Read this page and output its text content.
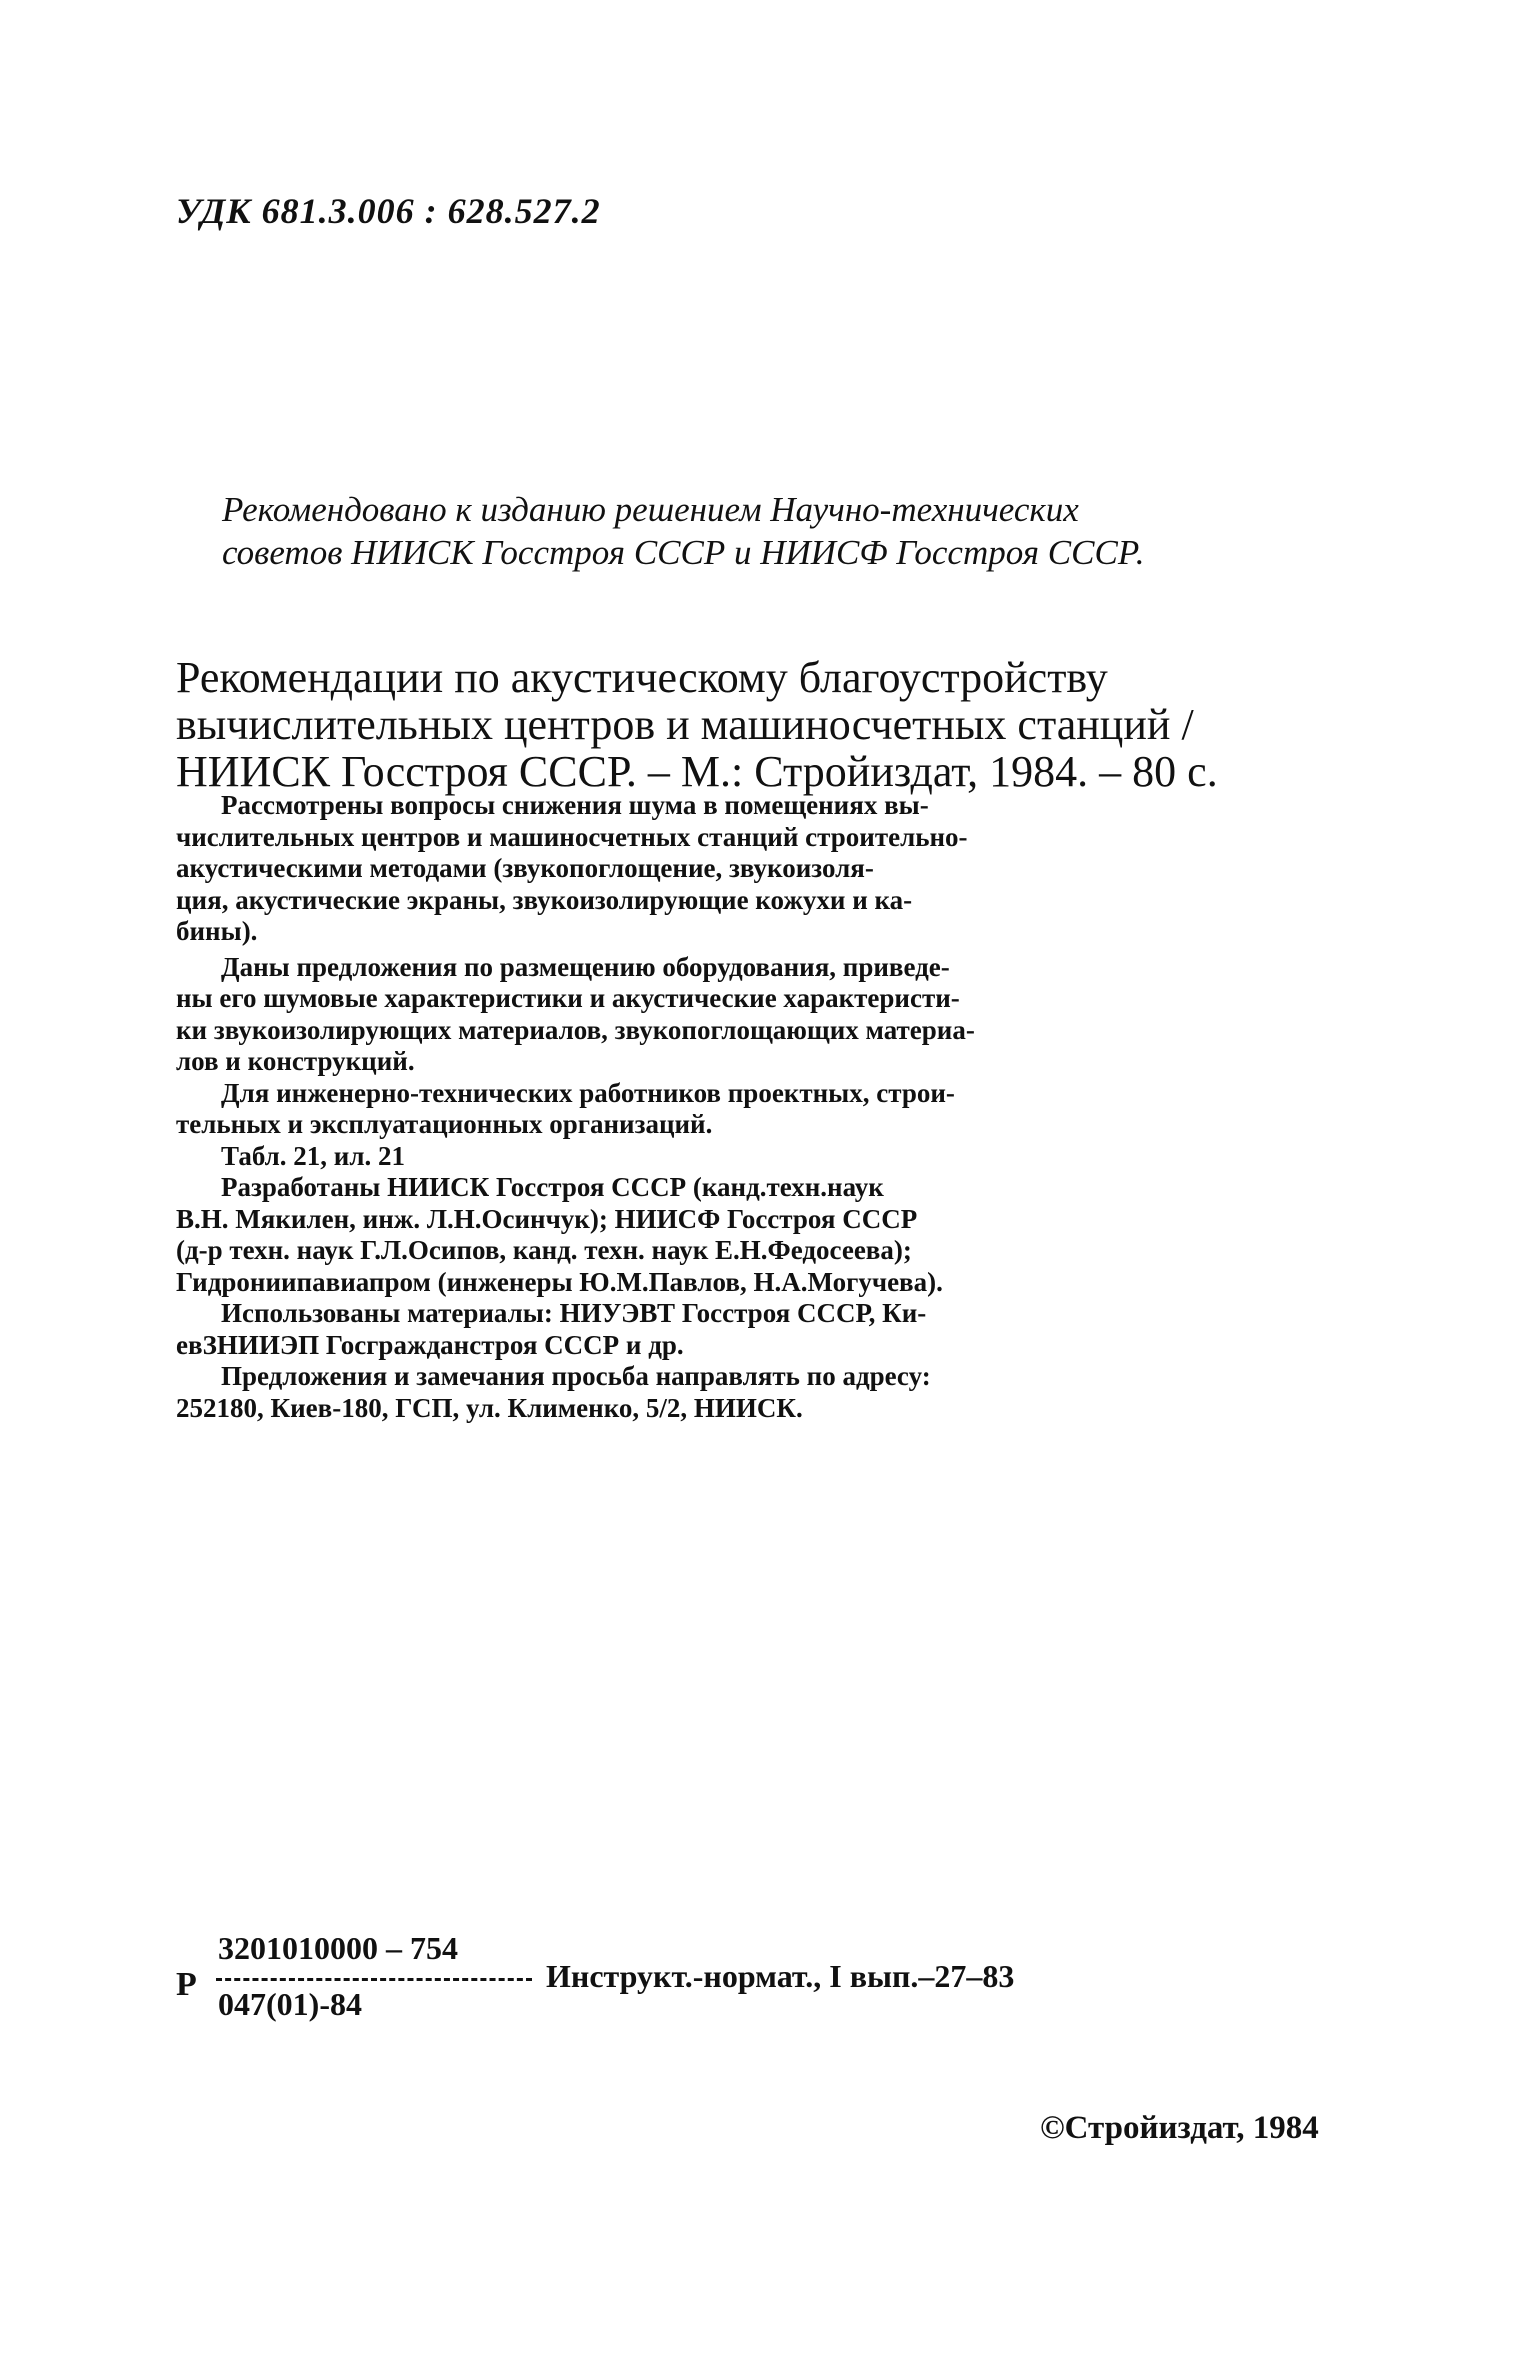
УДК 681.3.006 : 628.527.2
Рекомендовано к изданию решением Научно-технических
советов НИИСК Госстроя СССР и НИИСФ Госстроя СССР.
Рекомендации по акустическому благоустройству
вычислительных центров и машиносчетных станций /
НИИСК Госстроя СССР. – М.: Стройиздат, 1984. – 80 с.
Рассмотрены вопросы снижения шума в помещениях вы-
числительных центров и машиносчетных станций строительно-
акустическими методами (звукопоглощение, звукоизоля-
ция, акустические экраны, звукоизолирующие кожухи и ка-
бины).
Даны предложения по размещению оборудования, приведе-
ны его шумовые характеристики и акустические характеристи-
ки звукоизолирующих материалов, звукопоглощающих материа-
лов и конструкций.
Для инженерно-технических работников проектных, строи-
тельных и эксплуатационных организаций.
Табл. 21, ил. 21
Разработаны НИИСК Госстроя СССР (канд.техн.наук
В.Н. Мякилен, инж. Л.Н.Осинчук); НИИСФ Госстроя СССР
(д-р техн. наук Г.Л.Осипов, канд. техн. наук Е.Н.Федосеева);
Гидрониипавиапром (инженеры Ю.М.Павлов, Н.А.Могучева).
Использованы материалы: НИУЭВТ Госстроя СССР, Ки-
евЗНИИЭП Госгражданстроя СССР и др.
Предложения и замечания просьба направлять по адресу:
252180, Киев-180, ГСП, ул. Клименко, 5/2, НИИСК.
Р
3201010000 – 754
047(01)-84
Инструкт.-нормат., I вып.–27–83
©Стройиздат, 1984
